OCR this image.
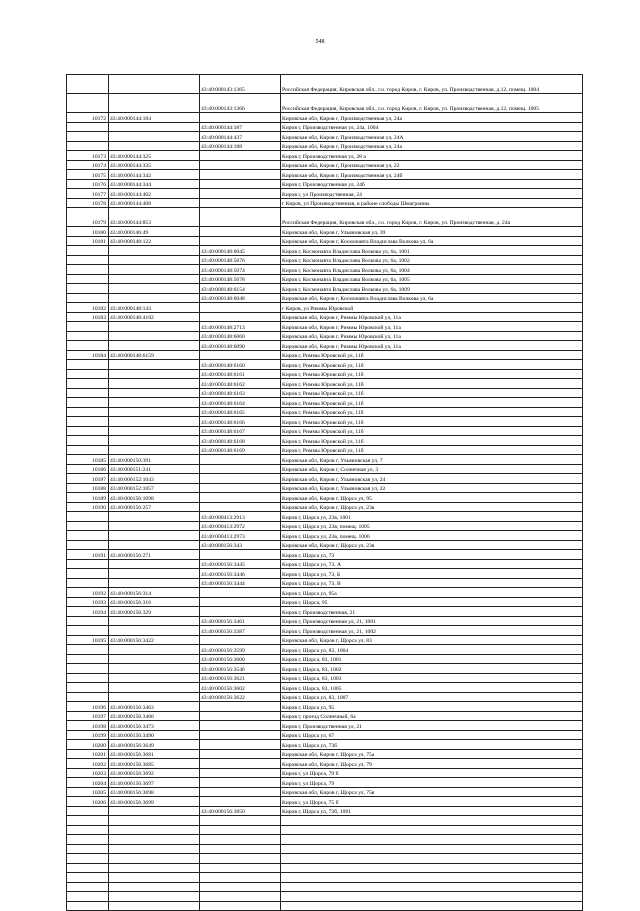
548
		43:40:000143:1365	Российская Федерация, Кировская обл., г.о. город Киров, г. Киров, ул. Производственная, д.12, помещ. 1004
		43:40:000143:1366	Российская Федерация, Кировская обл., г.о. город Киров, г. Киров, ул. Производственная, д.12, помещ. 1005
10172	43:40:000144:184		Кировская обл, Киров г, Производственная ул, 24а
		43:40:000144:187	Киров г, Производственная ул, 24а, 1004
		43:40:000144:437	Кировская обл, Киров г, Производственная ул, 24А
		43:40:000144:188	Кировская обл, Киров г, Производственная ул, 24а
10173	43:40:000144:325		Киров г, Производственная ул, 28 а
10174	43:40:000144:335		Кировская обл, Киров г, Производственная ул, 22
10175	43:40:000144:342		Кировская обл, Киров г, Производственная ул, 24б
10176	43:40:000144:344		Киров г, Производственная ул, 24б
10177	43:40:000144:402		Киров г, ул Производственная, 24
10178	43:40:000144:408		г Киров, ул Производственная, в районе слободы Шмаграины
10179	43:40:000144:853		Российская Федерация, Кировская обл., г.о. город Киров, г. Киров, ул. Производственная, д. 24а
10180	43:40:000146:49		Кировская обл, Киров г, Ульяновская ул, 39
10181	43:40:000148:122		Кировская обл, Киров г, Космонавта Владислава Волкова ул, 6а
		43:40:000148:6045	Киров г, Космонавта Владислава Волкова ул, 6а, 1001
		43:40:000148:5676	Киров г, Космонавта Владислава Волкова ул, 6а, 1002
		43:40:000148:5074	Киров г, Космонавта Владислава Волкова ул, 6а, 1004
		43:40:000148:5678	Киров г, Космонавта Владислава Волкова ул, 6а, 1005
		43:40:000148:6154	Киров г, Космонавта Владислава Волкова ул, 6а, 1009
		43:40:000148:6048	Кировская обл, Киров г, Космонавта Владислава Волкова ул, 6а
10182	43:40:000148:143		г Киров, ул Риммы Юровской
10183	43:40:000148:4182		Кировская обл, Киров г, Риммы Юровской ул, 11а
		43:40:000148:2713	Кировская обл, Киров г, Риммы Юровской ул, 11а
		43:40:000148:6060	Кировская обл, Киров г, Риммы Юровской ул, 11а
		43:40:000148:6090	Кировская обл, Киров г, Риммы Юровской ул, 11а
10184	43:40:000148:6159		Киров г, Риммы Юровской ул, 11б
		43:40:000148:6160	Киров г, Риммы Юровской ул, 11б
		43:40:000148:6161	Киров г, Риммы Юровской ул, 11б
		43:40:000148:6162	Киров г, Риммы Юровской ул, 11б
		43:40:000148:6163	Киров г, Риммы Юровской ул, 11б
		43:40:000148:6164	Киров г, Риммы Юровской ул, 11б
		43:40:000148:6165	Киров г, Риммы Юровской ул, 11б
		43:40:000148:6166	Киров г, Риммы Юровской ул, 11б
		43:40:000148:6167	Киров г, Риммы Юровской ул, 11б
		43:40:000148:6168	Киров г, Риммы Юровской ул, 11б
		43:40:000148:6169	Киров г, Риммы Юровской ул, 11б
10185	43:40:000150:391		Кировская обл, Киров г, Ульяновская ул, 7
10186	43:40:000151:241		Кировская обл, Киров г, Солнечная ул, 3
10187	43:40:000152:1043		Кировская обл, Киров г, Ульяновская ул, 24
10188	43:40:000152:1057		Кировская обл, Киров г, Ульяновская ул, 22
10189	43:40:000156:1098		Кировская обл, Киров г, Щорса ул, 95
10190	43:40:000156:257		Кировская обл, Киров г, Щорса ул, 23в
		43:40:000413:2913	Киров г, Щорса ул, 23в, 1001
		43:40:000413:2972	Киров г, Щорса ул, 23в, помещ. 1005
		43:40:000413:2973	Киров г, Щорса ул, 23в, помещ. 1006
		43:40:000156:343	Кировская обл, Киров г, Щорса ул, 23в
10191	43:40:000156:271		Киров г, Щорса ул, 73
		43:40:000156:3445	Киров г, Щорса ул, 73, А
		43:40:000156:3446	Киров г, Щорса ул, 73, Б
		43:40:000156:3444	Киров г, Щорса ул, 73, В
10192	43:40:000156:314		Киров г, Щорса ул, 95а
10193	43:40:000156:316		Киров г, Щорса, 95
10194	43:40:000156:329		Киров г, Производственная, 21
		43:40:000156:3461	Киров г, Производственная ул, 21, 1001
		43:40:000156:3387	Киров г, Производственная ул, 21, 1002
10195	43:40:000156:3422		Кировская обл, Киров г, Щорса ул, 83
		43:40:000156:3599	Киров г, Щорса ул, 83, 1004
		43:40:000156:3600	Киров г, Щорса, 83, 1001
		43:40:000156:3546	Киров г, Щорса, 83, 1002
		43:40:000156:3621	Киров г, Щорса, 83, 1003
		43:40:000156:3602	Киров г, Щорса, 83, 1005
		43:40:000156:3622	Киров г, Щорса ул, 83, 1007
10196	43:40:000156:3463		Киров г, Щорса ул, 95
10197	43:40:000156:3466		Киров г, проезд Солнечный, 6а
10198	43:40:000156:3473		Киров г, Производственная ул, 21
10199	43:40:000156:3490		Киров г, Щорса ул, 67
10200	43:40:000156:3649		Киров г, Щорса ул, 73б
10201	43:40:000156:3681		Кировская обл, Киров г, Щорса ул, 75а
10202	43:40:000156:3685		Кировская обл, Киров г, Щорса ул, 79
10203	43:40:000156:3692		Киров г, ул Щорса, 79 б
10204	43:40:000156:3697		Киров г, ул Щорса, 79
10205	43:40:000156:3698		Кировская обл, Киров г, Щорса ул, 75в
10206	43:40:000156:3699		Киров г, ул Щорса, 75 б
		43:40:000156:3850	Киров г, Щорса ул, 73б, 1001
